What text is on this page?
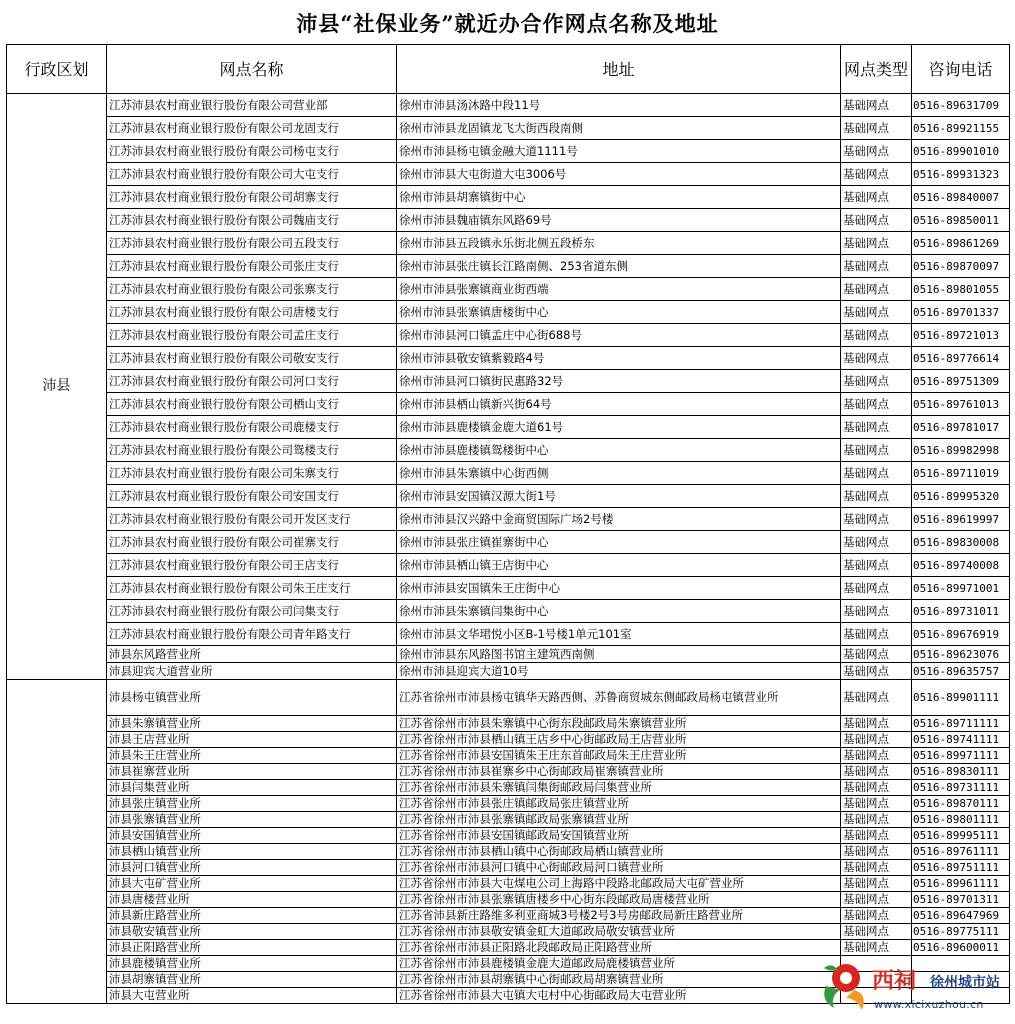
沛县“社保业务”就近办合作网点名称及地址
行政区划	网点名称	地址	网点类型	咨询电话
沛县	江苏沛县农村商业银行股份有限公司营业部	徐州市沛县汤沐路中段11号	基础网点	0516-89631709
	江苏沛县农村商业银行股份有限公司龙固支行	徐州市沛县龙固镇龙飞大街西段南侧	基础网点	0516-89921155
	江苏沛县农村商业银行股份有限公司杨屯支行	徐州市沛县杨屯镇金融大道1111号	基础网点	0516-89901010
	江苏沛县农村商业银行股份有限公司大屯支行	徐州市沛县大屯街道大屯3006号	基础网点	0516-89931323
	江苏沛县农村商业银行股份有限公司胡寨支行	徐州市沛县胡寨镇街中心	基础网点	0516-89840007
	江苏沛县农村商业银行股份有限公司魏庙支行	徐州市沛县魏庙镇东风路69号	基础网点	0516-89850011
	江苏沛县农村商业银行股份有限公司五段支行	徐州市沛县五段镇永乐街北侧五段桥东	基础网点	0516-89861269
	江苏沛县农村商业银行股份有限公司张庄支行	徐州市沛县张庄镇长江路南侧、253省道东侧	基础网点	0516-89870097
	江苏沛县农村商业银行股份有限公司张寨支行	徐州市沛县张寨镇商业街西端	基础网点	0516-89801055
	江苏沛县农村商业银行股份有限公司唐楼支行	徐州市沛县张寨镇唐楼街中心	基础网点	0516-89701337
	江苏沛县农村商业银行股份有限公司孟庄支行	徐州市沛县河口镇孟庄中心街688号	基础网点	0516-89721013
	江苏沛县农村商业银行股份有限公司敬安支行	徐州市沛县敬安镇紫毅路4号	基础网点	0516-89776614
	江苏沛县农村商业银行股份有限公司河口支行	徐州市沛县河口镇街民惠路32号	基础网点	0516-89751309
	江苏沛县农村商业银行股份有限公司栖山支行	徐州市沛县栖山镇新兴街64号	基础网点	0516-89761013
	江苏沛县农村商业银行股份有限公司鹿楼支行	徐州市沛县鹿楼镇金鹿大道61号	基础网点	0516-89781017
	江苏沛县农村商业银行股份有限公司鸳楼支行	徐州市沛县鹿楼镇鸳楼街中心	基础网点	0516-89982998
	江苏沛县农村商业银行股份有限公司朱寨支行	徐州市沛县朱寨镇中心街西侧	基础网点	0516-89711019
	江苏沛县农村商业银行股份有限公司安国支行	徐州市沛县安国镇汉源大街1号	基础网点	0516-89995320
	江苏沛县农村商业银行股份有限公司开发区支行	徐州市沛县汉兴路中金商贸国际广场2号楼	基础网点	0516-89619997
	江苏沛县农村商业银行股份有限公司崔寨支行	徐州市沛县张庄镇崔寨街中心	基础网点	0516-89830008
	江苏沛县农村商业银行股份有限公司王店支行	徐州市沛县栖山镇王店街中心	基础网点	0516-89740008
	江苏沛县农村商业银行股份有限公司朱王庄支行	徐州市沛县安国镇朱王庄街中心	基础网点	0516-89971001
	江苏沛县农村商业银行股份有限公司闫集支行	徐州市沛县朱寨镇闫集街中心	基础网点	0516-89731011
	江苏沛县农村商业银行股份有限公司青年路支行	徐州市沛县文华珺悦小区B-1号楼1单元101室	基础网点	0516-89676919
	沛县东风路营业所	徐州市沛县东风路图书馆主建筑西南侧	基础网点	0516-89623076
	沛县迎宾大道营业所	徐州市沛县迎宾大道10号	基础网点	0516-89635757
	沛县杨屯镇营业所	江苏省徐州市沛县杨屯镇华天路西侧、苏鲁商贸城东侧邮政局杨屯镇营业所	基础网点	0516-89901111
	沛县朱寨镇营业所	江苏省徐州市沛县朱寨镇中心街东段邮政局朱寨镇营业所	基础网点	0516-89711111
	沛县王店营业所	江苏省徐州市沛县栖山镇王店乡中心街邮政局王店营业所	基础网点	0516-89741111
	沛县朱王庄营业所	江苏省徐州市沛县安国镇朱王庄东首邮政局朱王庄营业所	基础网点	0516-89971111
	沛县崔寨营业所	江苏省徐州市沛县崔寨乡中心街邮政局崔寨镇营业所	基础网点	0516-89830111
	沛县闫集营业所	江苏省徐州市沛县朱寨镇闫集街邮政局闫集营业所	基础网点	0516-89731111
	沛县张庄镇营业所	江苏省徐州市沛县张庄镇邮政局张庄镇营业所	基础网点	0516-89870111
	沛县张寨镇营业所	江苏省徐州市沛县张寨镇邮政局张寨镇营业所	基础网点	0516-89801111
	沛县安国镇营业所	江苏省徐州市沛县安国镇邮政局安国镇营业所	基础网点	0516-89995111
	沛县栖山镇营业所	江苏省徐州市沛县栖山镇中心街邮政局栖山镇营业所	基础网点	0516-89761111
	沛县河口镇营业所	江苏省徐州市沛县河口镇中心街邮政局河口镇营业所	基础网点	0516-89751111
	沛县大屯矿营业所	江苏省徐州市沛县大屯煤电公司上海路中段路北邮政局大屯矿营业所	基础网点	0516-89961111
	沛县唐楼营业所	江苏省徐州市沛县张寨镇唐楼乡中心街东段邮政局唐楼营业所	基础网点	0516-89701311
	沛县新庄路营业所	江苏省沛县新庄路维多利亚商城3号楼2号3号房邮政局新庄路营业所	基础网点	0516-89647969
	沛县敬安镇营业所	江苏省徐州市沛县敬安镇金虹大道邮政局敬安镇营业所	基础网点	0516-89775111
	沛县正阳路营业所	江苏省徐州市沛县正阳路北段邮政局正阳路营业所	基础网点	0516-89600011
	沛县鹿楼镇营业所	江苏省徐州市沛县鹿楼镇金鹿大道邮政局鹿楼镇营业所		
	沛县胡寨镇营业所	江苏省徐州市沛县胡寨镇中心街邮政局胡寨镇营业所		
	沛县大屯营业所	江苏省徐州市沛县大屯镇大屯村中心街邮政局大屯营业所		
西祠 徐州城市站
www.xicixuzhou.cn
